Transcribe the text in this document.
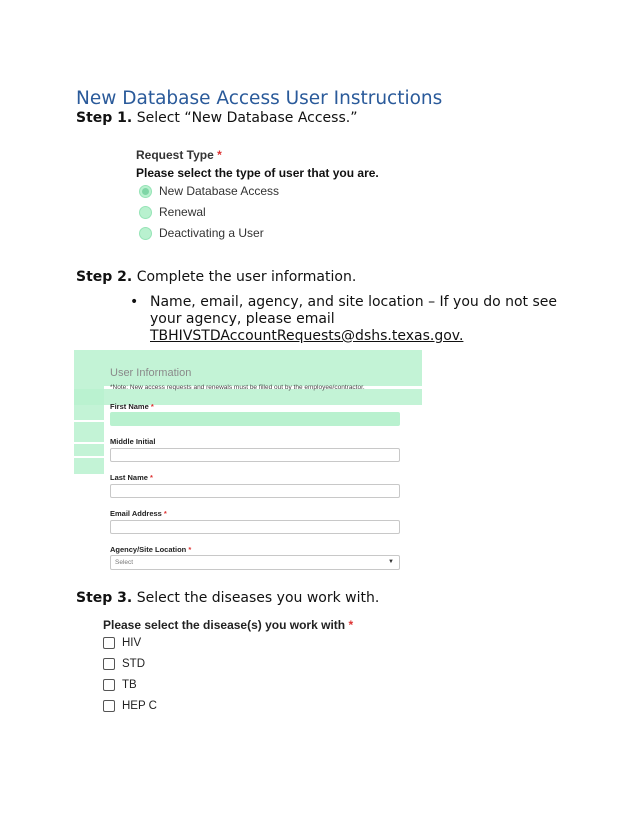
New Database Access User Instructions

Step 1. Select “New Database Access.”

Request Type *
Please select the type of user that you are.
New Database Access
Renewal
Deactivating a User

Step 2. Complete the user information.

• Name, email, agency, and site location – If you do not see your agency, please email TBHIVSTDAccountRequests@dshs.texas.gov.
User Information
*Note: New access requests and renewals must be filled out by the employee/contractor.
First Name *
Middle Initial
Last Name *
Email Address *
Agency/Site Location *
Select	▼

Step 3. Select the diseases you work with.

Please select the disease(s) you work with *
HIV
STD
TB
HEP C
